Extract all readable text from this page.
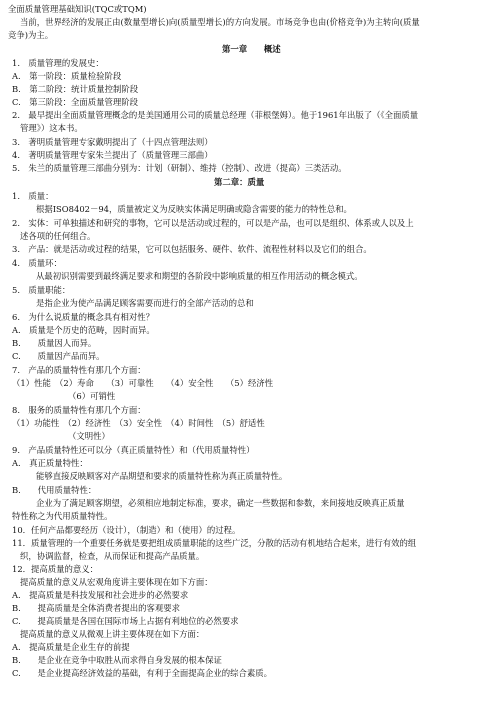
全面质量管理基础知识(TQC或TQM)
当前，世界经济的发展正由(数量型增长)向(质量型增长)的方向发展。市场竞争也由(价格竞争)为主转向(质量
竞争)为主。
第一章　　概述
1.　质量管理的发展史：
A.　第一阶段：质量检验阶段
B.　第二阶段：统计质量控制阶段
C.　第三阶段：全面质量管理阶段
2.　最早提出全面质量管理概念的是美国通用公司的质量总经理（菲根堡姆）。他于1961年出版了（《全面质量
管理》）这本书。
3.　著明质量管理专家戴明提出了（十四点管理法则）
4.　著明质量管理专家朱兰提出了（质量管理三部曲）
5.　朱兰的质量管理三部曲分别为：计划（研制）、维持（控制）、改进（提高）三类活动。
第二章：质量
1.　质量：
根据ISO8402－94，质量被定义为反映实体满足明确或隐含需要的能力的特性总和。
2.　实体：可单独描述和研究的事物，它可以是活动或过程的，可以是产品，也可以是组织、体系或人以及上
述各项的任何组合。
3.　产品：就是活动或过程的结果，它可以包括服务、硬件、软件、流程性材料以及它们的组合。
4.　质量环：
从最初识别需要到最终满足要求和期望的各阶段中影响质量的相互作用活动的概念模式。
5.　质量职能：
是指企业为使产品满足顾客需要而进行的全部产活动的总和
6.　为什么说质量的概念具有相对性？
A.　质量是个历史的范畴，因时而异。
B.　　质量因人而异。
C.　　质量因产品而异。
7.　产品的质量特性有那几个方面：
（1）性能　（2）寿命　　（3）可靠性　　（4）安全性　　（5）经济性
（6）可销性
8.　服务的质量特性有那几个方面：
（1）功能性　（2）经济性　（3）安全性　（4）时间性　（5）舒适性
（文明性）
9.　产品质量特性还可以分（真正质量特性）和（代用质量特性）
A.　真正质量特性：
能够直接反映顾客对产品期望和要求的质量特性称为真正质量特性。
B.　　代用质量特性：
企业为了满足顾客期望，必须相应地制定标准，要求，确定一些数据和参数，来间接地反映真正质量
特性称之为代用质量特性。
10．任何产品都要经历（设计），（制造）和（使用）的过程。
11．质量管理的一个重要任务就是要把组成质量职能的这些广泛，分散的活动有机地结合起来，进行有效的组
织，协调监督，检查，从而保证和提高产品质量。
12．提高质量的意义：
提高质量的意义从宏观角度讲主要体现在如下方面：
A.　提高质量是科技发展和社会进步的必然要求
B.　　提高质量是全体消费者提出的客观要求
C.　　提高质量是各国在国际市场上占据有利地位的必然要求
提高质量的意义从微观上讲主要体现在如下方面：
A.　提高质量是企业生存的前提
B.　　是企业在竞争中取胜从而求得自身发展的根本保证
C.　　是企业提高经济效益的基础，有利于全面提高企业的综合素质。
